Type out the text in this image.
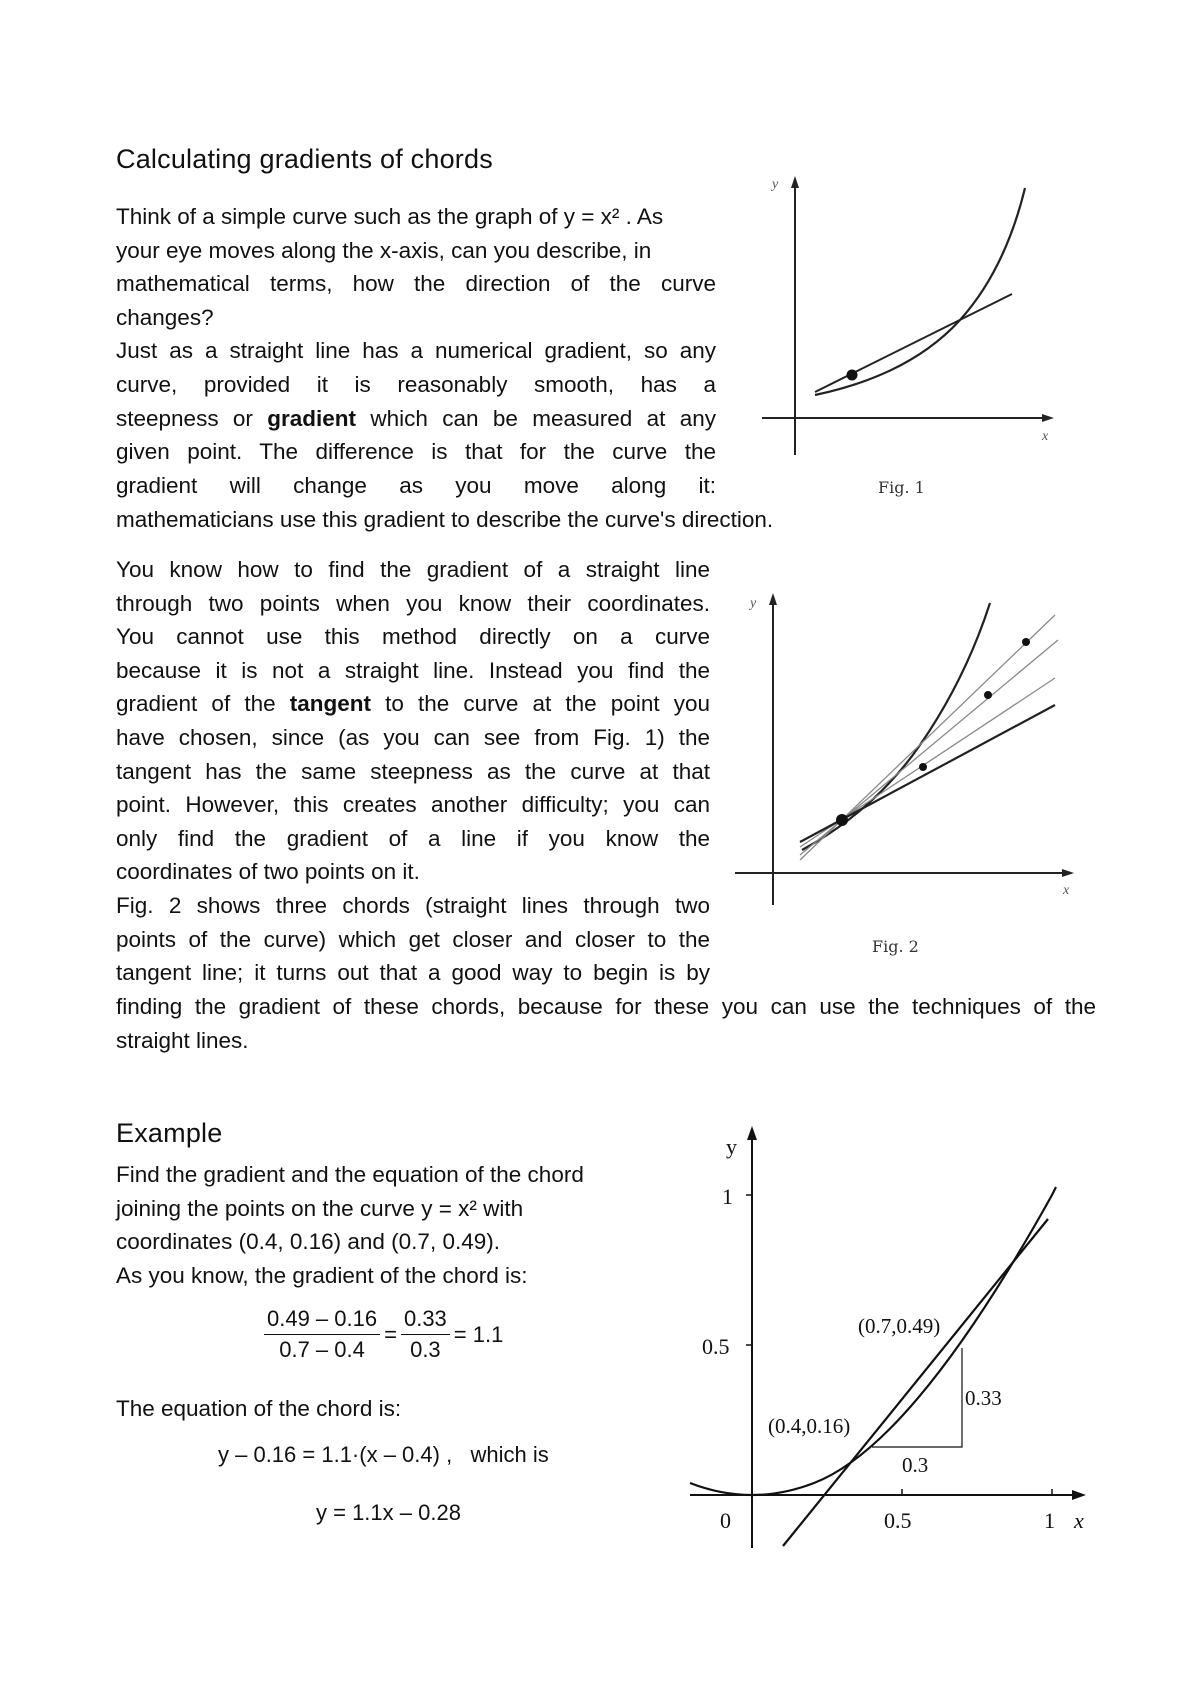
Calculating gradients of chords

Think of a simple curve such as the graph of y = x² . As

your eye moves along the x-axis, can you describe, in

mathematical terms, how the direction of the curve

changes?

Just as a straight line has a numerical gradient, so any

curve, provided it is reasonably smooth, has a

steepness or gradient which can be measured at any

given point. The difference is that for the curve the

gradient will change as you move along it:

mathematicians use this gradient to describe the curve's direction.
y
x
Fig. 1

You know how to find the gradient of a straight line

through two points when you know their coordinates.

You cannot use this method directly on a curve

because it is not a straight line. Instead you find the

gradient of the tangent to the curve at the point you

have chosen, since (as you can see from Fig. 1) the

tangent has the same steepness as the curve at that

point. However, this creates another difficulty; you can

only find the gradient of a line if you know the

coordinates of two points on it.

Fig. 2 shows three chords (straight lines through two

points of the curve) which get closer and closer to the

tangent line; it turns out that a good way to begin is by

finding the gradient of these chords, because for these you can use the techniques of the

straight lines.

y
x
Fig. 2
Example
Find the gradient and the equation of the chord
joining the points on the curve y = x² with
coordinates (0.4, 0.16) and (0.7, 0.49).
As you know, the gradient of the chord is:
$\frac{0.49 - 0.16}{0.7 - 0.4} = \frac{0.33}{0.3} = 1.1$
The equation of the chord is:
y – 0.16 = 1.1·(x – 0.4) , which is
y = 1.1x – 0.28
y
1
0.5
0	0.5	1 x
(0.4,0.16)
(0.7,0.49)
0.33
0.3
